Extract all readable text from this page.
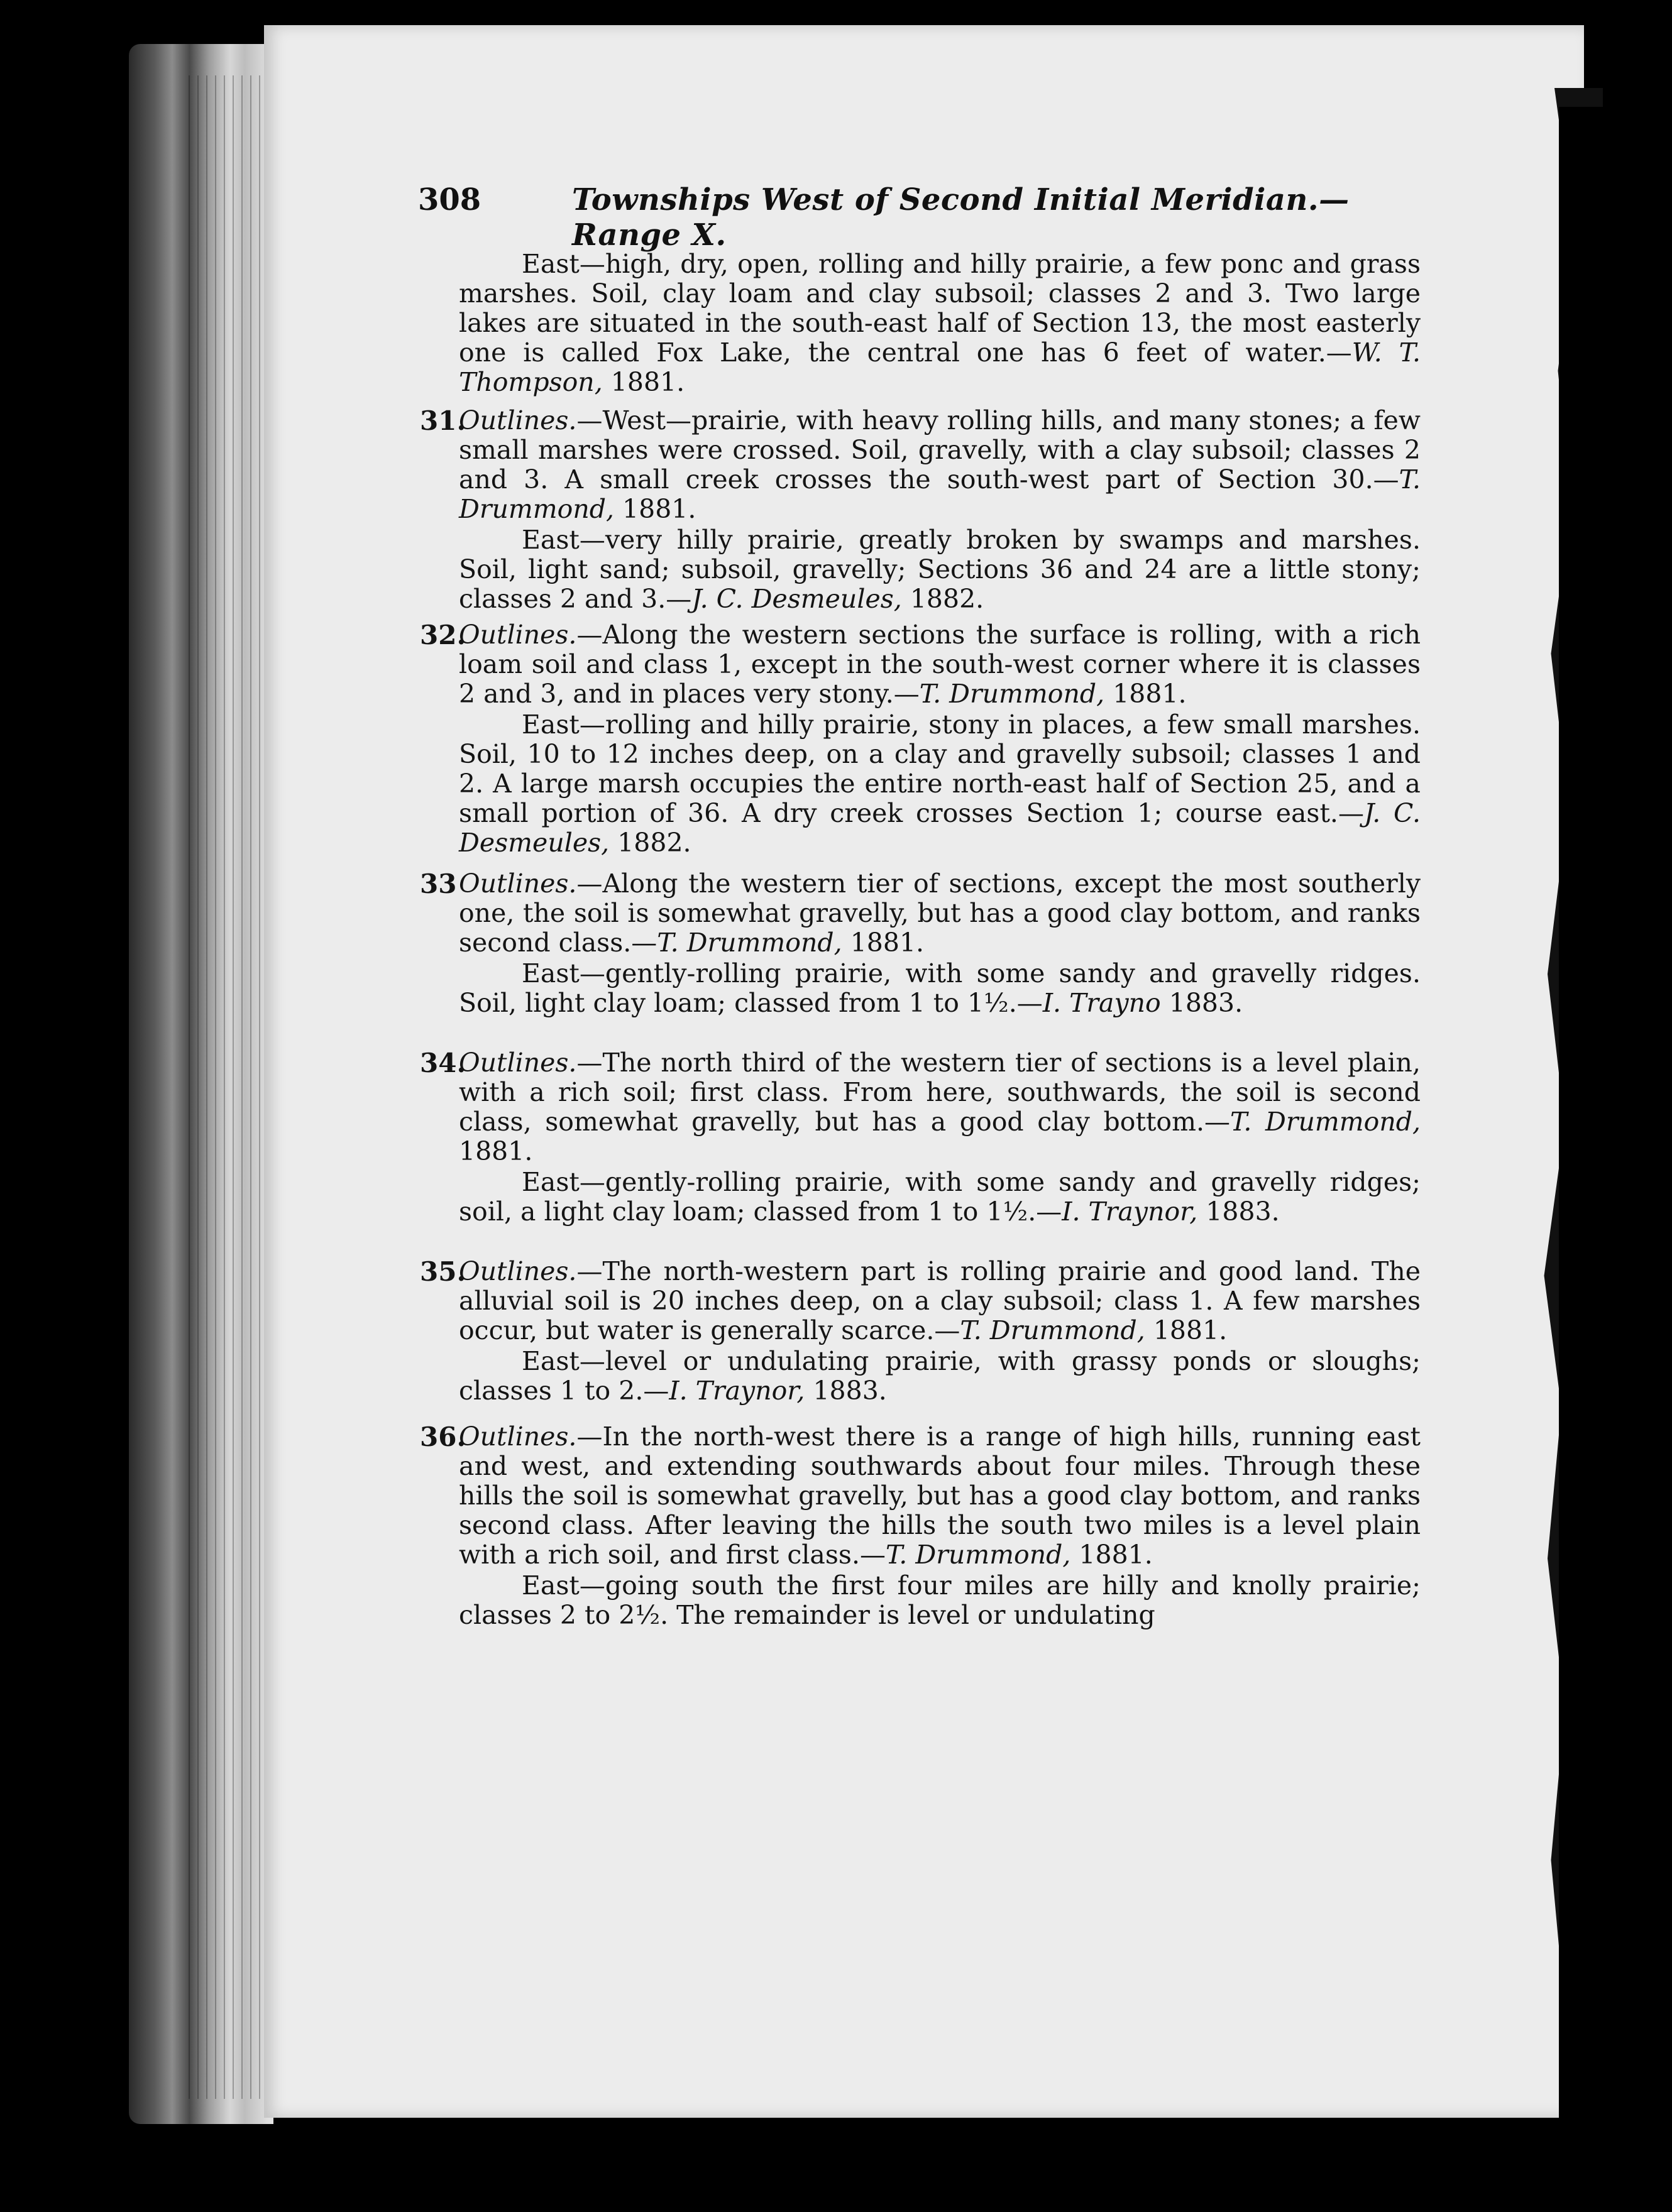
308	Townships West of Second Initial Meridian.—Range X.
East—high, dry, open, rolling and hilly prairie, a few ponc and grass marshes. Soil, clay loam and clay subsoil; classes 2 and 3. Two large lakes are situated in the south-east half of Section 13, the most easterly one is called Fox Lake, the central one has 6 feet of water.—W. T. Thompson, 1881.
31.
Outlines.—West—prairie, with heavy rolling hills, and many stones; a few small marshes were crossed. Soil, gravelly, with a clay subsoil; classes 2 and 3. A small creek crosses the south-west part of Section 30.—T. Drummond, 1881.
East—very hilly prairie, greatly broken by swamps and marshes. Soil, light sand; subsoil, gravelly; Sections 36 and 24 are a little stony; classes 2 and 3.—J. C. Desmeules, 1882.
32.
Outlines.—Along the western sections the surface is rolling, with a rich loam soil and class 1, except in the south-west corner where it is classes 2 and 3, and in places very stony.—T. Drummond, 1881.
East—rolling and hilly prairie, stony in places, a few small marshes. Soil, 10 to 12 inches deep, on a clay and gravelly subsoil; classes 1 and 2. A large marsh occupies the entire north-east half of Section 25, and a small portion of 36. A dry creek crosses Section 1; course east.—J. C. Desmeules, 1882.
33 Outlines.—Along the western tier of sections, except the most southerly one, the soil is somewhat gravelly, but has a good clay bottom, and ranks second class.—T. Drummond, 1881.
East—gently-rolling prairie, with some sandy and gravelly ridges. Soil, light clay loam; classed from 1 to 1½.—I. Trayno 1883.
34.
Outlines.—The north third of the western tier of sections is a level plain, with a rich soil; first class. From here, southwards, the soil is second class, somewhat gravelly, but has a good clay bottom.—T. Drummond, 1881.
East—gently-rolling prairie, with some sandy and gravelly ridges; soil, a light clay loam; classed from 1 to 1½.—I. Traynor, 1883.
35.
Outlines.—The north-western part is rolling prairie and good land. The alluvial soil is 20 inches deep, on a clay subsoil; class 1. A few marshes occur, but water is generally scarce.—T. Drummond, 1881.
East—level or undulating prairie, with grassy ponds or sloughs; classes 1 to 2.—I. Traynor, 1883.
36.
Outlines.—In the north-west there is a range of high hills, running east and west, and extending southwards about four miles. Through these hills the soil is somewhat gravelly, but has a good clay bottom, and ranks second class. After leaving the hills the south two miles is a level plain with a rich soil, and first class.—T. Drummond, 1881.
East—going south the first four miles are hilly and knolly prairie; classes 2 to 2½. The remainder is level or undulating
